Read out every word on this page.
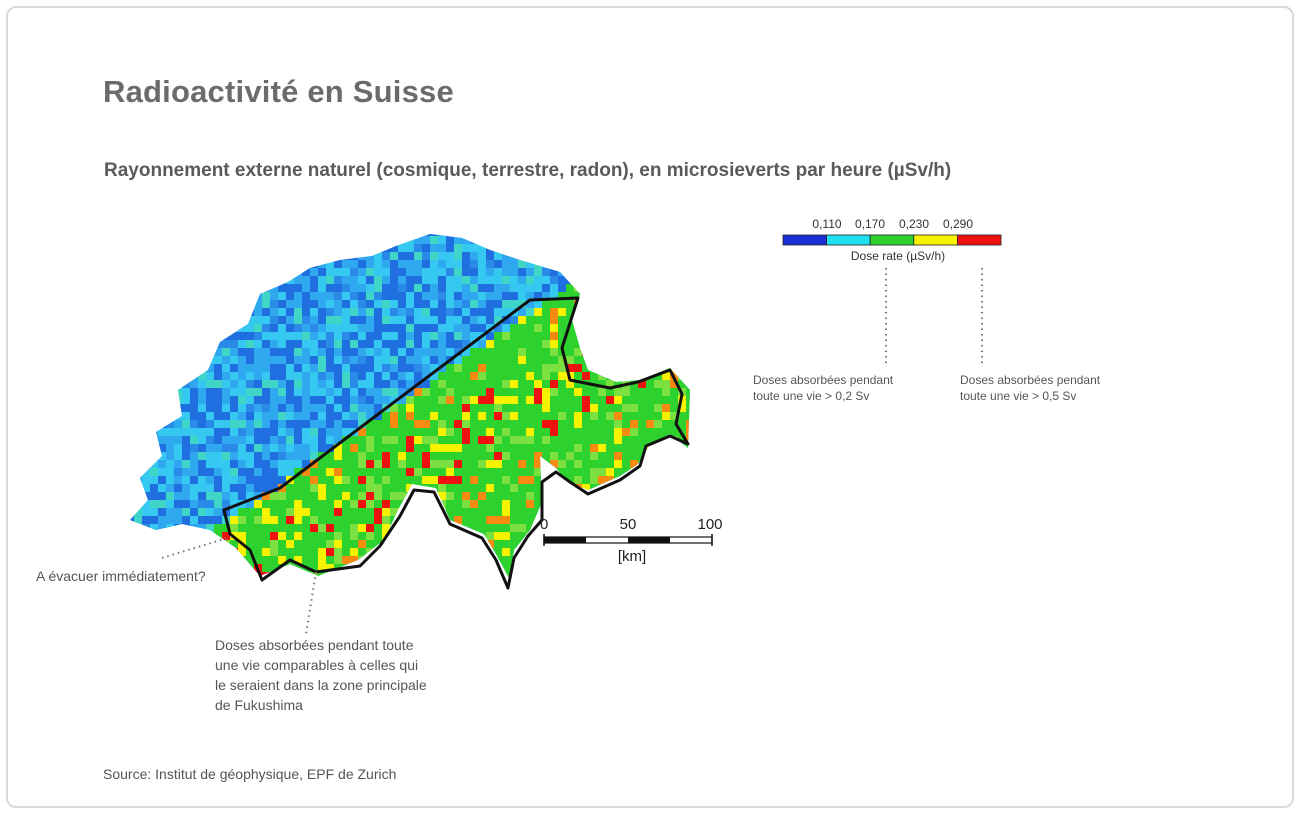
Radioactivité en Suisse
Rayonnement externe naturel (cosmique, terrestre, radon), en microsieverts par heure (µSv/h)
0	50	100
[km]
0,110 0,170 0,230 0,290
Dose rate (µSv/h)
Doses absorbées pendant
toute une vie > 0,2 Sv
Doses absorbées pendant
toute une vie > 0,5 Sv
A évacuer immédiatement?
Doses absorbées pendant toute
une vie comparables à celles qui
le seraient dans la zone principale
de Fukushima
Source: Institut de géophysique, EPF de Zurich
